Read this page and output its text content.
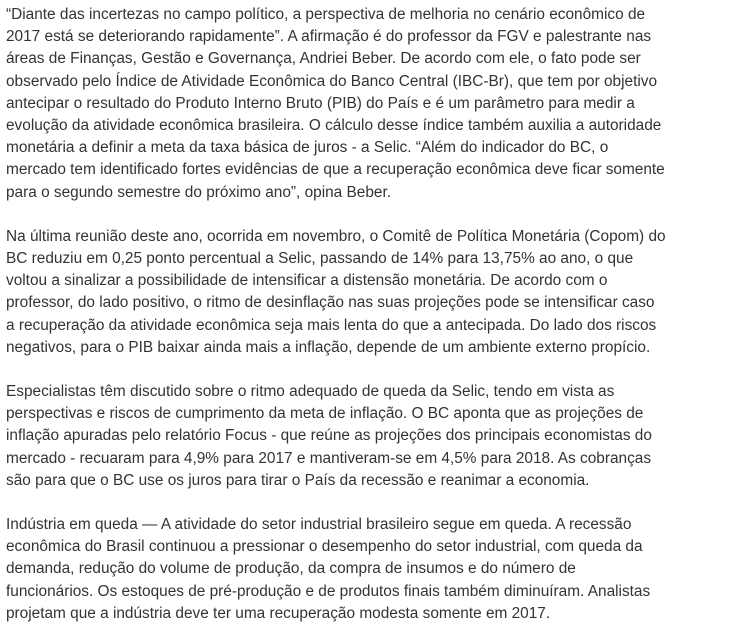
“Diante das incertezas no campo político, a perspectiva de melhoria no cenário econômico de
2017 está se deteriorando rapidamente”. A afirmação é do professor da FGV e palestrante nas
áreas de Finanças, Gestão e Governança, Andriei Beber. De acordo com ele, o fato pode ser
observado pelo Índice de Atividade Econômica do Banco Central (IBC-Br), que tem por objetivo
antecipar o resultado do Produto Interno Bruto (PIB) do País e é um parâmetro para medir a
evolução da atividade econômica brasileira. O cálculo desse índice também auxilia a autoridade
monetária a definir a meta da taxa básica de juros - a Selic. “Além do indicador do BC, o
mercado tem identificado fortes evidências de que a recuperação econômica deve ficar somente
para o segundo semestre do próximo ano”, opina Beber.

Na última reunião deste ano, ocorrida em novembro, o Comitê de Política Monetária (Copom) do
BC reduziu em 0,25 ponto percentual a Selic, passando de 14% para 13,75% ao ano, o que
voltou a sinalizar a possibilidade de intensificar a distensão monetária. De acordo com o
professor, do lado positivo, o ritmo de desinflação nas suas projeções pode se intensificar caso
a recuperação da atividade econômica seja mais lenta do que a antecipada. Do lado dos riscos
negativos, para o PIB baixar ainda mais a inflação, depende de um ambiente externo propício.

Especialistas têm discutido sobre o ritmo adequado de queda da Selic, tendo em vista as
perspectivas e riscos de cumprimento da meta de inflação. O BC aponta que as projeções de
inflação apuradas pelo relatório Focus - que reúne as projeções dos principais economistas do
mercado - recuaram para 4,9% para 2017 e mantiveram-se em 4,5% para 2018. As cobranças
são para que o BC use os juros para tirar o País da recessão e reanimar a economia.

Indústria em queda — A atividade do setor industrial brasileiro segue em queda. A recessão
econômica do Brasil continuou a pressionar o desempenho do setor industrial, com queda da
demanda, redução do volume de produção, da compra de insumos e do número de
funcionários. Os estoques de pré-produção e de produtos finais também diminuíram. Analistas
projetam que a indústria deve ter uma recuperação modesta somente em 2017.
